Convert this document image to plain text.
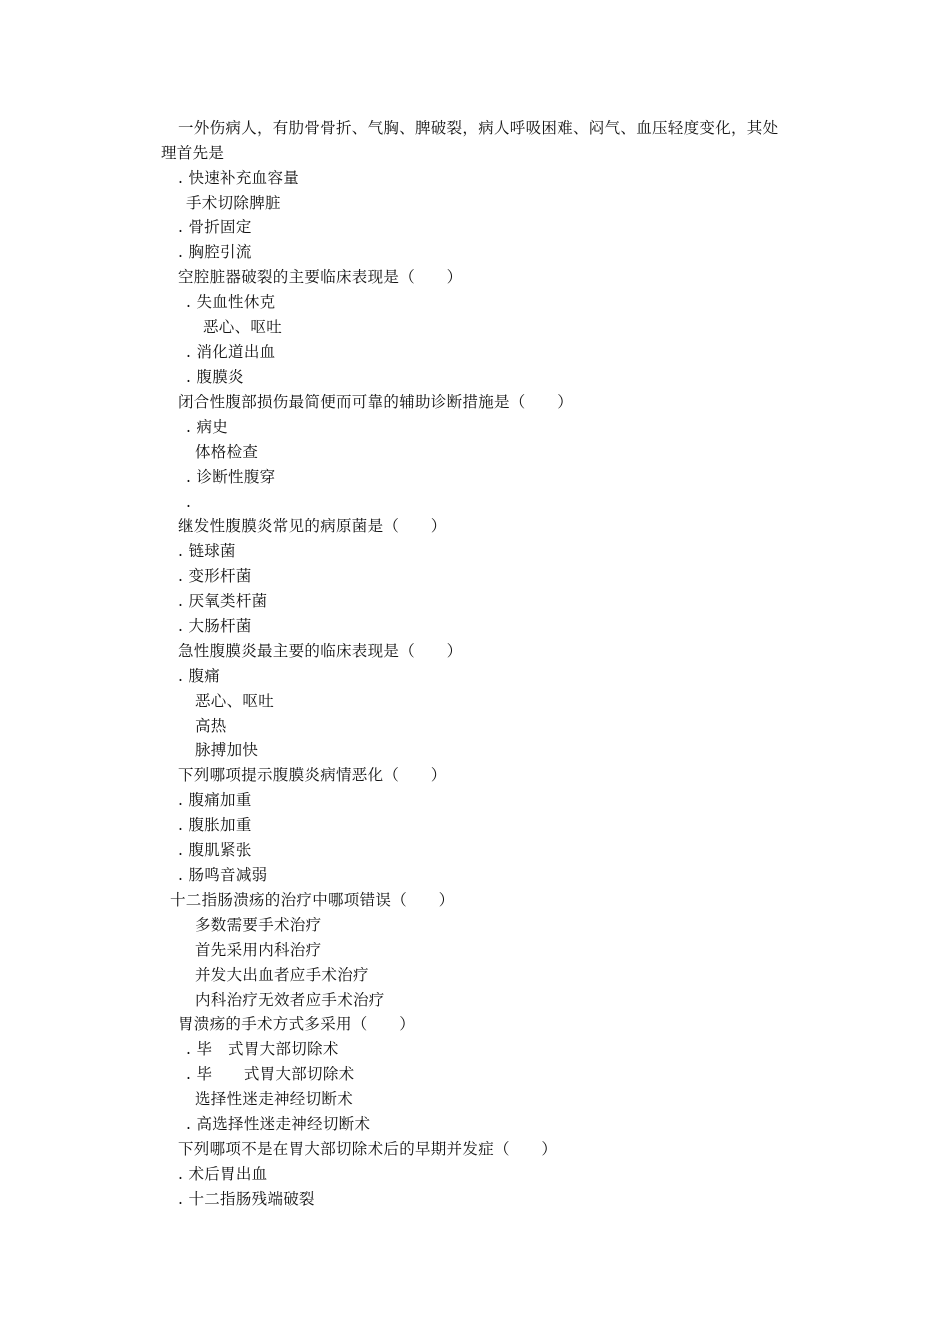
一外伤病人，有肋骨骨折、气胸、脾破裂，病人呼吸困难、闷气、血压轻度变化，其处
理首先是
. 快速补充血容量
手术切除脾脏
. 骨折固定
. 胸腔引流
空腔脏器破裂的主要临床表现是（　　）
. 失血性休克
恶心、呕吐
. 消化道出血
. 腹膜炎
闭合性腹部损伤最简便而可靠的辅助诊断措施是（　　）
. 病史
体格检查
. 诊断性腹穿
.
继发性腹膜炎常见的病原菌是（　　）
. 链球菌
. 变形杆菌
. 厌氧类杆菌
. 大肠杆菌
急性腹膜炎最主要的临床表现是（　　）
. 腹痛
恶心、呕吐
高热
脉搏加快
下列哪项提示腹膜炎病情恶化（　　）
. 腹痛加重
. 腹胀加重
. 腹肌紧张
. 肠鸣音减弱
十二指肠溃疡的治疗中哪项错误（　　）
多数需要手术治疗
首先采用内科治疗
并发大出血者应手术治疗
内科治疗无效者应手术治疗
胃溃疡的手术方式多采用（　　）
. 毕　式胃大部切除术
. 毕　　式胃大部切除术
选择性迷走神经切断术
. 高选择性迷走神经切断术
下列哪项不是在胃大部切除术后的早期并发症（　　）
. 术后胃出血
. 十二指肠残端破裂
